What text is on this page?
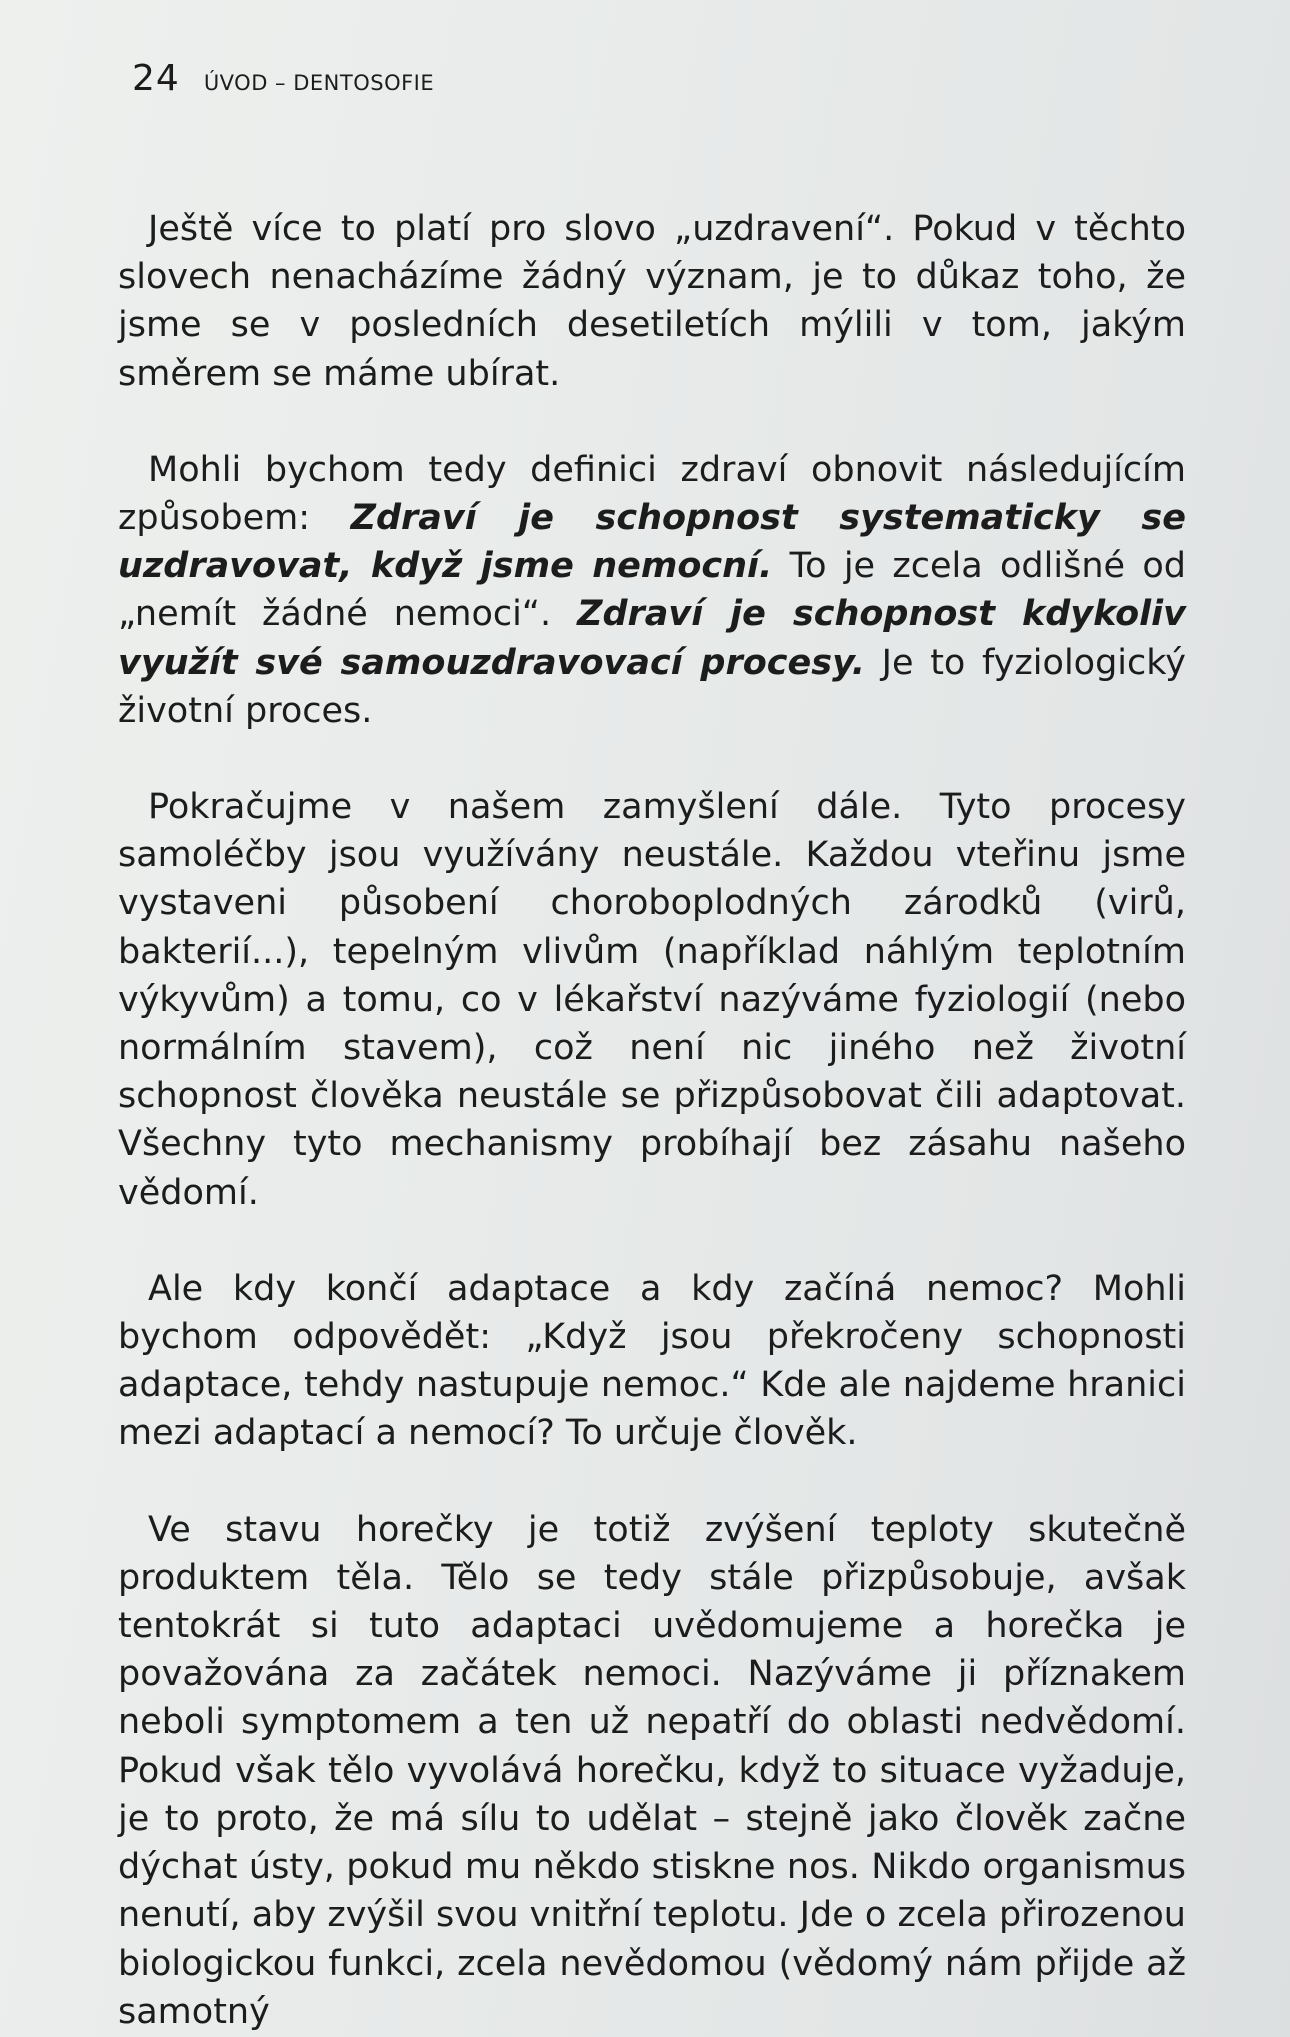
24 ÚVOD – DENTOSOFIE

Ještě více to platí pro slovo „uzdravení“. Pokud v těchto slovech nenacházíme žádný význam, je to důkaz toho, že jsme se v posledních desetiletích mýlili v tom, jakým směrem se máme ubírat.

Mohli bychom tedy definici zdraví obnovit následujícím způsobem: Zdraví je schopnost systematicky se uzdravovat, když jsme nemocní. To je zcela odlišné od „nemít žádné nemoci“. Zdraví je schopnost kdykoliv využít své samouzdravovací procesy. Je to fyziologický životní proces.

Pokračujme v našem zamyšlení dále. Tyto procesy samoléčby jsou využívány neustále. Každou vteřinu jsme vystaveni působení choroboplodných zárodků (virů, bakterií...), tepelným vlivům (například náhlým teplotním výkyvům) a tomu, co v lékařství nazýváme fyziologií (nebo normálním stavem), což není nic jiného než životní schopnost člověka neustále se přizpůsobovat čili adaptovat. Všechny tyto mechanismy probíhají bez zásahu našeho vědomí.

Ale kdy končí adaptace a kdy začíná nemoc? Mohli bychom odpovědět: „Když jsou překročeny schopnosti adaptace, tehdy nastupuje nemoc.“ Kde ale najdeme hranici mezi adaptací a nemocí? To určuje člověk.

Ve stavu horečky je totiž zvýšení teploty skutečně produktem těla. Tělo se tedy stále přizpůsobuje, avšak tentokrát si tuto adaptaci uvědomujeme a horečka je považována za začátek nemoci. Nazýváme ji příznakem neboli symptomem a ten už nepatří do oblasti nedvědomí. Pokud však tělo vyvolává horečku, když to situace vyžaduje, je to proto, že má sílu to udělat – stejně jako člověk začne dýchat ústy, pokud mu někdo stiskne nos. Nikdo organismus nenutí, aby zvýšil svou vnitřní teplotu. Jde o zcela přirozenou biologickou funkci, zcela nevědomou (vědomý nám přijde až samotný
